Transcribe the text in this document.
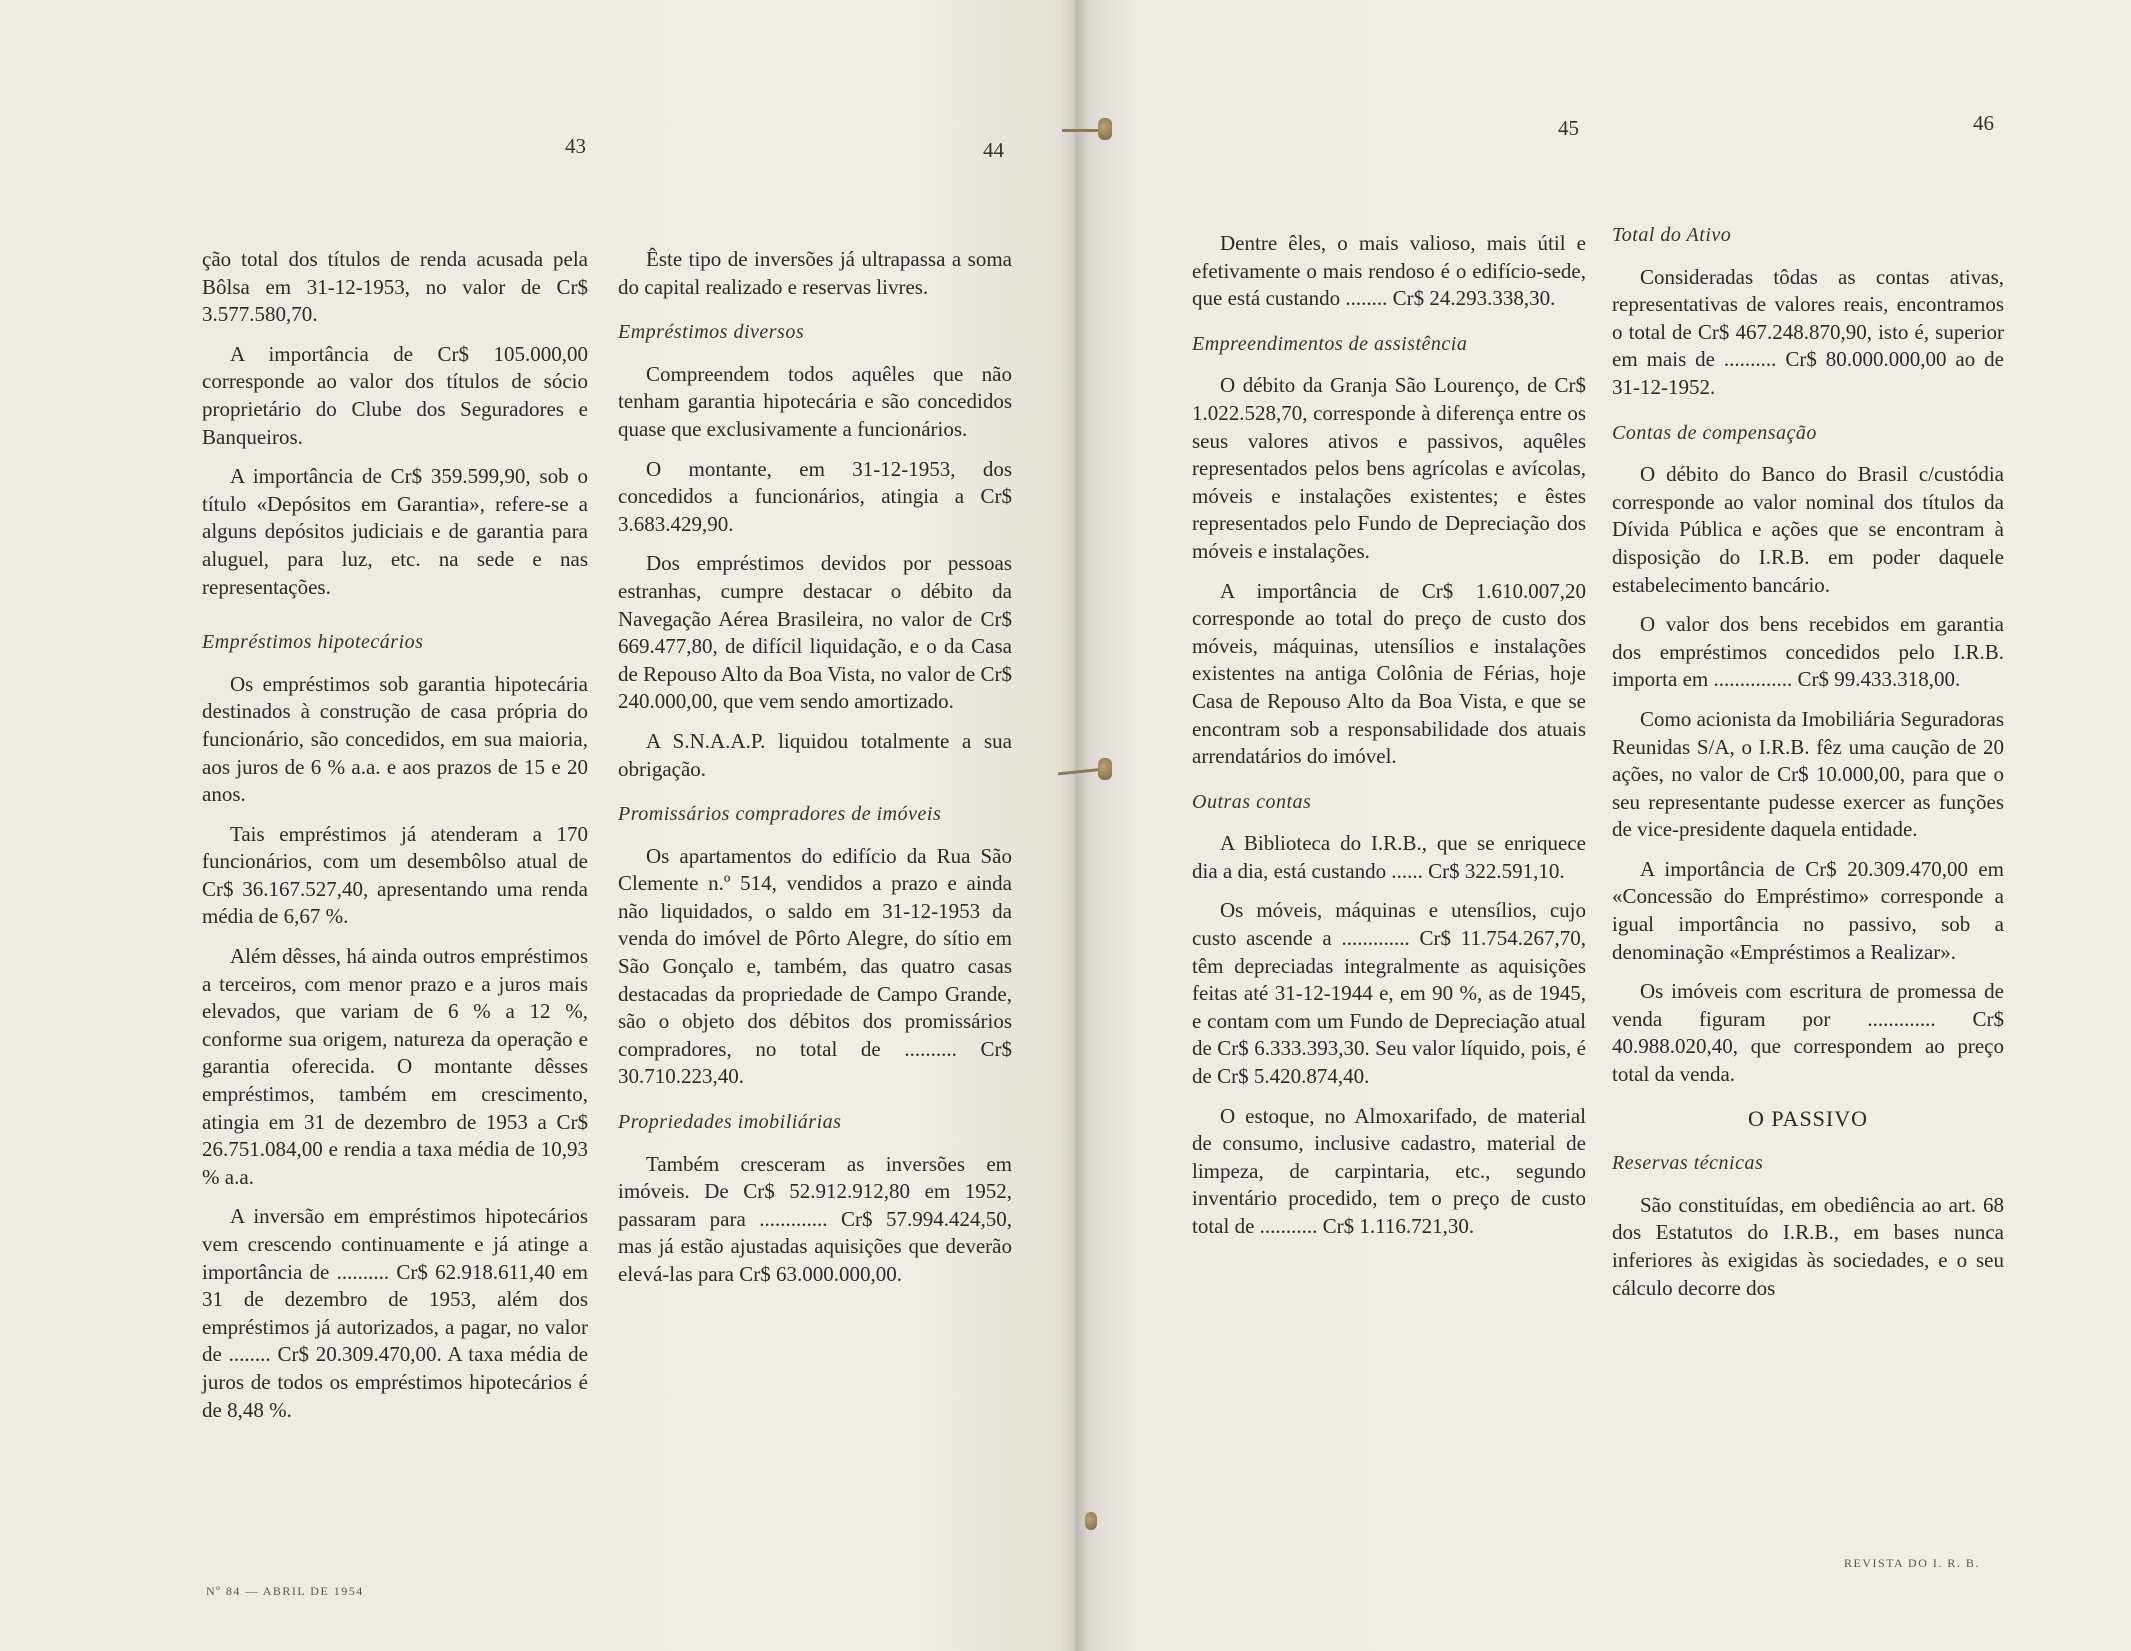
43	44
45	46

ção total dos títulos de renda acusada pela Bôlsa em 31-12-1953, no valor de Cr$ 3.577.580,70.

A importância de Cr$ 105.000,00 corresponde ao valor dos títulos de sócio proprietário do Clube dos Seguradores e Banqueiros.

A importância de Cr$ 359.599,90, sob o título «Depósitos em Garantia», refere-se a alguns depósitos judiciais e de garantia para aluguel, para luz, etc. na sede e nas representações.

Empréstimos hipotecários

Os empréstimos sob garantia hipotecária destinados à construção de casa própria do funcionário, são concedidos, em sua maioria, aos juros de 6 % a.a. e aos prazos de 15 e 20 anos.

Tais empréstimos já atenderam a 170 funcionários, com um desembôlso atual de Cr$ 36.167.527,40, apresentando uma renda média de 6,67 %.

Além dêsses, há ainda outros empréstimos a terceiros, com menor prazo e a juros mais elevados, que variam de 6 % a 12 %, conforme sua origem, natureza da operação e garantia oferecida. O montante dêsses empréstimos, também em crescimento, atingia em 31 de dezembro de 1953 a Cr$ 26.751.084,00 e rendia a taxa média de 10,93 % a.a.

A inversão em empréstimos hipotecários vem crescendo continuamente e já atinge a importância de .......... Cr$ 62.918.611,40 em 31 de dezembro de 1953, além dos empréstimos já autorizados, a pagar, no valor de ........ Cr$ 20.309.470,00. A taxa média de juros de todos os empréstimos hipotecários é de 8,48 %.

Êste tipo de inversões já ultrapassa a soma do capital realizado e reservas livres.

Empréstimos diversos

Compreendem todos aquêles que não tenham garantia hipotecária e são concedidos quase que exclusivamente a funcionários.

O montante, em 31-12-1953, dos concedidos a funcionários, atingia a Cr$ 3.683.429,90.

Dos empréstimos devidos por pessoas estranhas, cumpre destacar o débito da Navegação Aérea Brasileira, no valor de Cr$ 669.477,80, de difícil liquidação, e o da Casa de Repouso Alto da Boa Vista, no valor de Cr$ 240.000,00, que vem sendo amortizado.

A S.N.A.A.P. liquidou totalmente a sua obrigação.

Promissários compradores de imóveis

Os apartamentos do edifício da Rua São Clemente n.º 514, vendidos a prazo e ainda não liquidados, o saldo em 31-12-1953 da venda do imóvel de Pôrto Alegre, do sítio em São Gonçalo e, também, das quatro casas destacadas da propriedade de Campo Grande, são o objeto dos débitos dos promissários compradores, no total de .......... Cr$ 30.710.223,40.

Propriedades imobiliárias

Também cresceram as inversões em imóveis. De Cr$ 52.912.912,80 em 1952, passaram para ............. Cr$ 57.994.424,50, mas já estão ajustadas aquisições que deverão elevá-las para Cr$ 63.000.000,00.

Dentre êles, o mais valioso, mais útil e efetivamente o mais rendoso é o edifício-sede, que está custando ........ Cr$ 24.293.338,30.

Empreendimentos de assistência

O débito da Granja São Lourenço, de Cr$ 1.022.528,70, corresponde à diferença entre os seus valores ativos e passivos, aquêles representados pelos bens agrícolas e avícolas, móveis e instalações existentes; e êstes representados pelo Fundo de Depreciação dos móveis e instalações.

A importância de Cr$ 1.610.007,20 corresponde ao total do preço de custo dos móveis, máquinas, utensílios e instalações existentes na antiga Colônia de Férias, hoje Casa de Repouso Alto da Boa Vista, e que se encontram sob a responsabilidade dos atuais arrendatários do imóvel.

Outras contas

A Biblioteca do I.R.B., que se enriquece dia a dia, está custando ...... Cr$ 322.591,10.

Os móveis, máquinas e utensílios, cujo custo ascende a ............. Cr$ 11.754.267,70, têm depreciadas integralmente as aquisições feitas até 31-12-1944 e, em 90 %, as de 1945, e contam com um Fundo de Depreciação atual de Cr$ 6.333.393,30. Seu valor líquido, pois, é de Cr$ 5.420.874,40.

O estoque, no Almoxarifado, de material de consumo, inclusive cadastro, material de limpeza, de carpintaria, etc., segundo inventário procedido, tem o preço de custo total de ........... Cr$ 1.116.721,30.

Total do Ativo

Consideradas tôdas as contas ativas, representativas de valores reais, encontramos o total de Cr$ 467.248.870,90, isto é, superior em mais de .......... Cr$ 80.000.000,00 ao de 31-12-1952.

Contas de compensação

O débito do Banco do Brasil c/custódia corresponde ao valor nominal dos títulos da Dívida Pública e ações que se encontram à disposição do I.R.B. em poder daquele estabelecimento bancário.

O valor dos bens recebidos em garantia dos empréstimos concedidos pelo I.R.B. importa em ............... Cr$ 99.433.318,00.

Como acionista da Imobiliária Seguradoras Reunidas S/A, o I.R.B. fêz uma caução de 20 ações, no valor de Cr$ 10.000,00, para que o seu representante pudesse exercer as funções de vice-presidente daquela entidade.

A importância de Cr$ 20.309.470,00 em «Concessão do Empréstimo» corresponde a igual importância no passivo, sob a denominação «Empréstimos a Realizar».

Os imóveis com escritura de promessa de venda figuram por ............. Cr$ 40.988.020,40, que correspondem ao preço total da venda.

O PASSIVO
Reservas técnicas

São constituídas, em obediência ao art. 68 dos Estatutos do I.R.B., em bases nunca inferiores às exigidas às sociedades, e o seu cálculo decorre dos

Nº 84 — ABRIL DE 1954
REVISTA DO I. R. B.
